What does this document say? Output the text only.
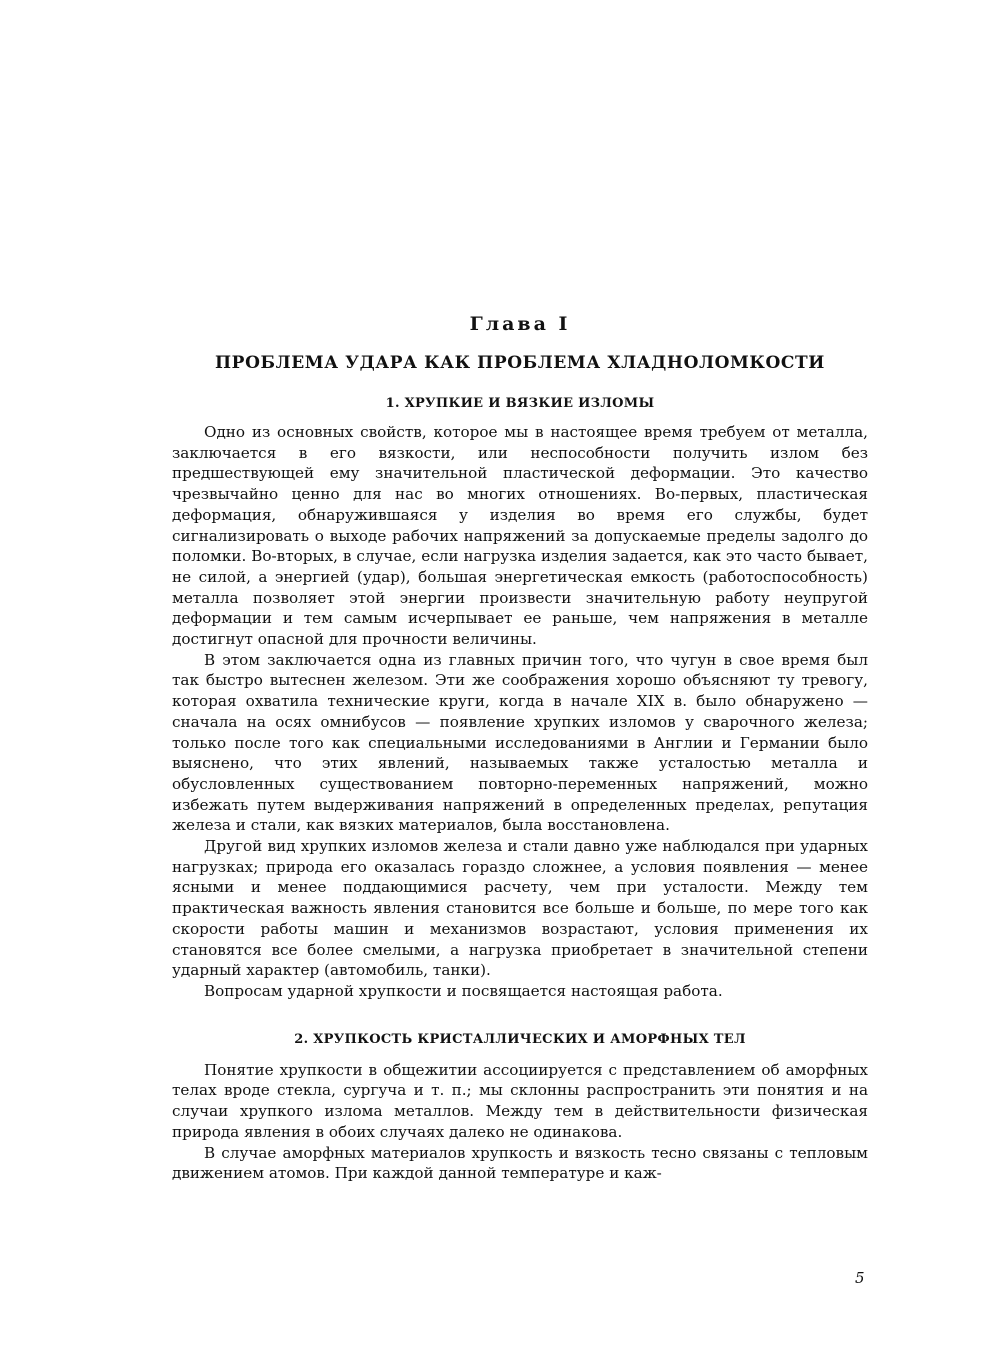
Глава I
ПРОБЛЕМА УДАРА КАК ПРОБЛЕМА ХЛАДНОЛОМКОСТИ
1. ХРУПКИЕ И ВЯЗКИЕ ИЗЛОМЫ

Одно из основных свойств, которое мы в настоящее время требуем от металла, заключается в его вязкости, или неспособности получить излом без предшествующей ему значительной пластической деформации. Это качество чрезвычайно ценно для нас во многих отношениях. Во-первых, пластическая деформация, обнаружившаяся у изделия во время его службы, будет сигнализировать о выходе рабочих напряжений за допускаемые пределы задолго до поломки. Во-вторых, в случае, если нагрузка изделия задается, как это часто бывает, не силой, а энергией (удар), большая энергетическая емкость (работоспособность) металла позволяет этой энергии произвести значительную работу неупругой деформации и тем самым исчерпывает ее раньше, чем напряжения в металле достигнут опасной для прочности величины.

В этом заключается одна из главных причин того, что чугун в свое время был так быстро вытеснен железом. Эти же соображения хорошо объясняют ту тревогу, которая охватила технические круги, когда в начале XIX в. было обнаружено — сначала на осях омнибусов — появление хрупких изломов у сварочного железа; только после того как специальными исследованиями в Англии и Германии было выяснено, что этих явлений, называемых также усталостью металла и обусловленных существованием повторно-переменных напряжений, можно избежать путем выдерживания напряжений в определенных пределах, репутация железа и стали, как вязких материалов, была восстановлена.

Другой вид хрупких изломов железа и стали давно уже наблюдался при ударных нагрузках; природа его оказалась гораздо сложнее, а условия появления — менее ясными и менее поддающимися расчету, чем при усталости. Между тем практическая важность явления становится все больше и больше, по мере того как скорости работы машин и механизмов возрастают, условия применения их становятся все более смелыми, а нагрузка приобретает в значительной степени ударный характер (автомобиль, танки).

Вопросам ударной хрупкости и посвящается настоящая работа.

2. ХРУПКОСТЬ КРИСТАЛЛИЧЕСКИХ И АМОРФНЫХ ТЕЛ

Понятие хрупкости в общежитии ассоциируется с представлением об аморфных телах вроде стекла, сургуча и т. п.; мы склонны распространить эти понятия и на случаи хрупкого излома металлов. Между тем в действительности физическая природа явления в обоих случаях далеко не одинакова.

В случае аморфных материалов хрупкость и вязкость тесно связаны с тепловым движением атомов. При каждой данной температуре и каж-

5
